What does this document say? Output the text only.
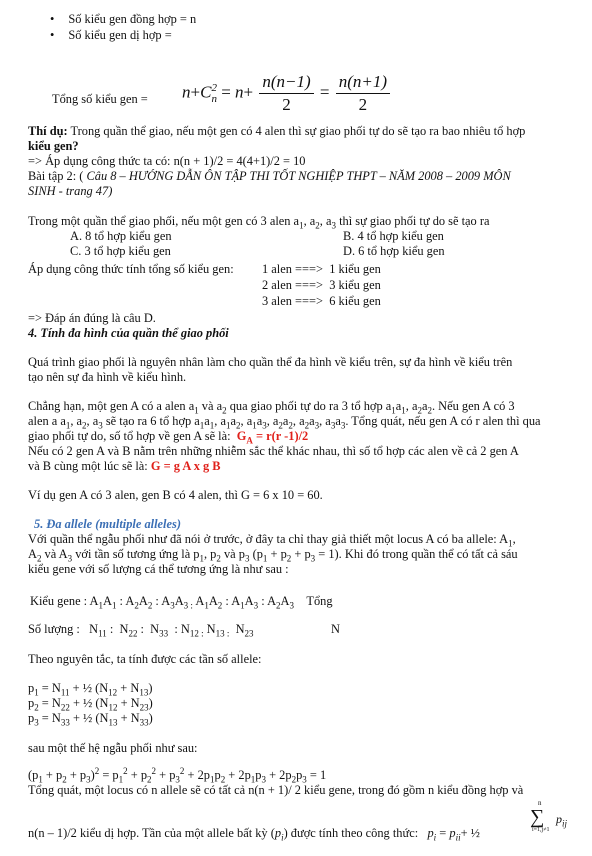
• Số kiểu gen đồng hợp = n
• Số kiểu gen dị hợp =
Tổng số kiểu gen = n+C 2
$n = n+ \frac{n(n-1)}{2} = \frac{n(n+1)}{2}$
Thí dụ: Trong quần thể giao, nếu một gen có 4 alen thì sự giao phối tự do sẽ tạo ra bao nhiêu tổ hợp
kiểu gen?
=> Áp dụng công thức ta có: n(n + 1)/2 = 4(4+1)/2 = 10
Bài tập 2: ( Câu 8 – HƯỚNG DẪN ÔN TẬP THI TỐT NGHIỆP THPT – NĂM 2008 – 2009 MÔN
SINH - trang 47)
Trong một quần thể giao phối, nếu một gen có 3 alen $a_1$, $a_2$, $a_3$ thì sự giao phối tự do sẽ tạo ra
A. 8 tổ hợp kiểu gen	B. 4 tổ hợp kiểu gen
C. 3 tổ hợp kiểu gen	D. 6 tổ hợp kiểu gen
Áp dụng công thức tính tổng số kiểu gen: 1 alen ===> 1 kiểu gen
2 alen ===> 3 kiểu gen
3 alen ===> 6 kiểu gen
=> Đáp án đúng là câu D.
4. Tính đa hình của quần thể giao phối
Quá trình giao phối là nguyên nhân làm cho quần thể đa hình về kiểu trên, sự đa hình về kiểu trên
tạo nên sự đa hình về kiểu hình.
Chẳng hạn, một gen A có a alen $a_1$ và $a_2$ qua giao phối tự do ra 3 tổ hợp $a_1a_1$, $a_2a_2$. Nếu gen A có 3
alen a $a_1$, $a_2$, $a_3$ sẽ tạo ra 6 tổ hợp $a_1a_1$, $a_1a_2$, $a_1a_3$, $a_2a_2$, $a_2a_3$, $a_3a_3$. Tổng quát, nếu gen A có r alen thì qua
giao phối tự do, số tổ hợp về gen A sẽ là: $G_A = r(r$ -1)/2
Nếu có 2 gen A và B nằm trên những nhiễm sắc thể khác nhau, thì số tổ hợp các alen về cả 2 gen A
và B cùng một lúc sẽ là: G = g A x g B
Ví dụ gen A có 3 alen, gen B có 4 alen, thì G = 6 x 10 = 60.
5. Đa allele (multiple alleles)
Với quần thể ngẫu phối như đã nói ở trước, ở đây ta chỉ thay giả thiết một locus A có ba allele: $A_1$,
$A_2$ và $A_3$ với tần số tương ứng là $p_1$, $p_2$ và $p_3$ $(p_1 + p_2 + p_3 = 1)$. Khi đó trong quần thể có tất cả sáu
kiểu gene với số lượng cá thể tương ứng là như sau :
Kiểu gene : $A_1A_1$ : $A_2A_2$ : $A_3A_{3 :}$ $A_1A_2$ : $A_1A_3$ : $A_2A_3$ Tổng
Số lượng :   $N_{11}$ :  $N_{22}$ :  $N_{33}$  : $N_{12 :}$ $N_{13 :}$  $N_{23}$	N
Theo nguyên tắc, ta tính được các tần số allele:
$p_1 = N_{11}$ + ½ $(N_{12} + N_{13})$
$p_2 = N_{22}$ + ½ $(N_{12} + N_{23})$
$p_3 = N_{33}$ + ½ $(N_{13} + N_{33})$
sau một thế hệ ngẫu phối như sau:
$(p_1 + p_2 + p_3)^2 = p_1^2 + p_2^2 + p_3^2 + 2p_1p_2 + 2p_1p_3 + 2p_2p_3 = 1$
Tổng quát, một locus có n allele sẽ có tất cả n(n + 1)/ 2 kiểu gene, trong đó gồm n kiểu đồng hợp và
n
∑
i=1,j≠1
$p_{ij}$
n(n – 1)/2 kiểu dị hợp. Tần của một allele bất kỳ $(p_i)$ được tính theo công thức: $p_i = p_{ii}+$ ½
